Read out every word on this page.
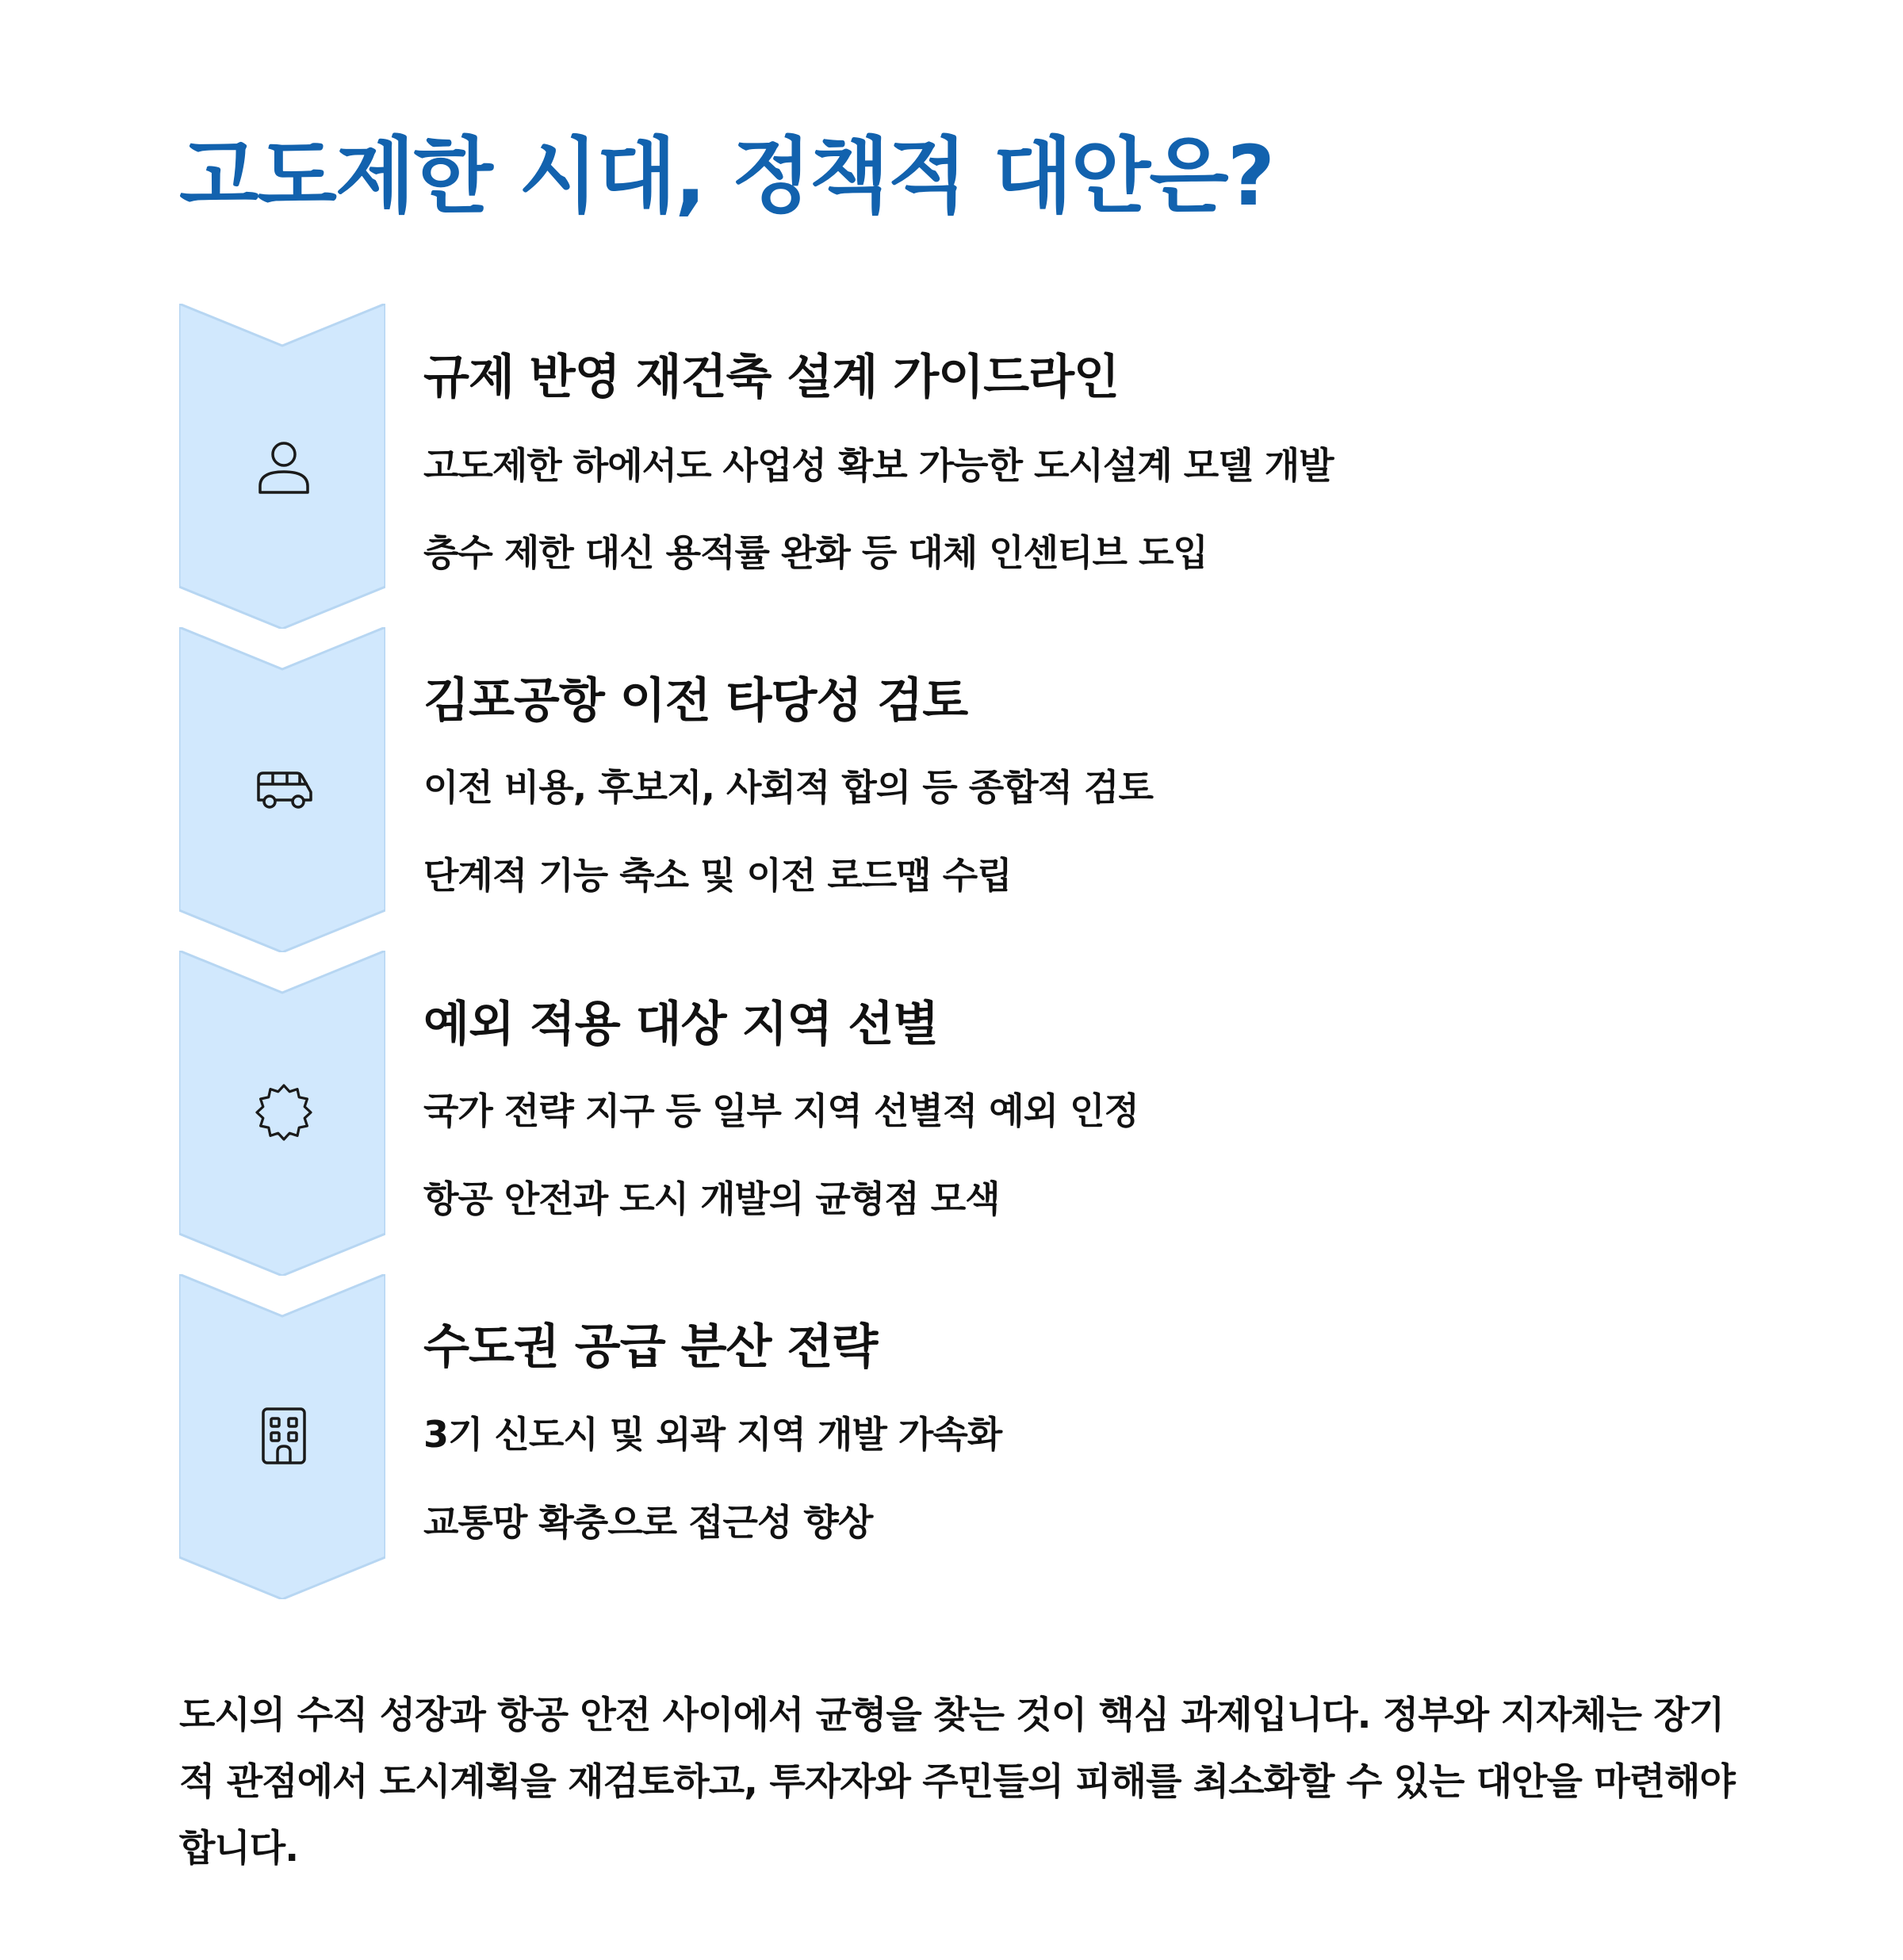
고도제한 시대, 정책적 대안은?
규제 반영 재건축 설계 가이드라인
고도제한 하에서도 사업성 확보 가능한 도시설계 모델 개발
층수 제한 대신 용적률 완화 등 대체 인센티브 도입
김포공항 이전 타당성 검토
이전 비용, 후보지, 사회적 합의 등 종합적 검토
단계적 기능 축소 및 이전 로드맵 수립
예외 적용 대상 지역 선별
국가 전략 지구 등 일부 지역 선별적 예외 인정
항공 안전과 도시 개발의 균형점 모색
수도권 공급 분산 전략
3기 신도시 및 외곽 지역 개발 가속화
교통망 확충으로 접근성 향상

도시의 수직 성장과 항공 안전 사이에서 균형을 찾는 것이 핵심 과제입니다. 정부와 지자체는 장기적 관점에서 도시계획을 재검토하고, 투자자와 주민들의 피해를 최소화할 수 있는 대안을 마련해야 합니다.
